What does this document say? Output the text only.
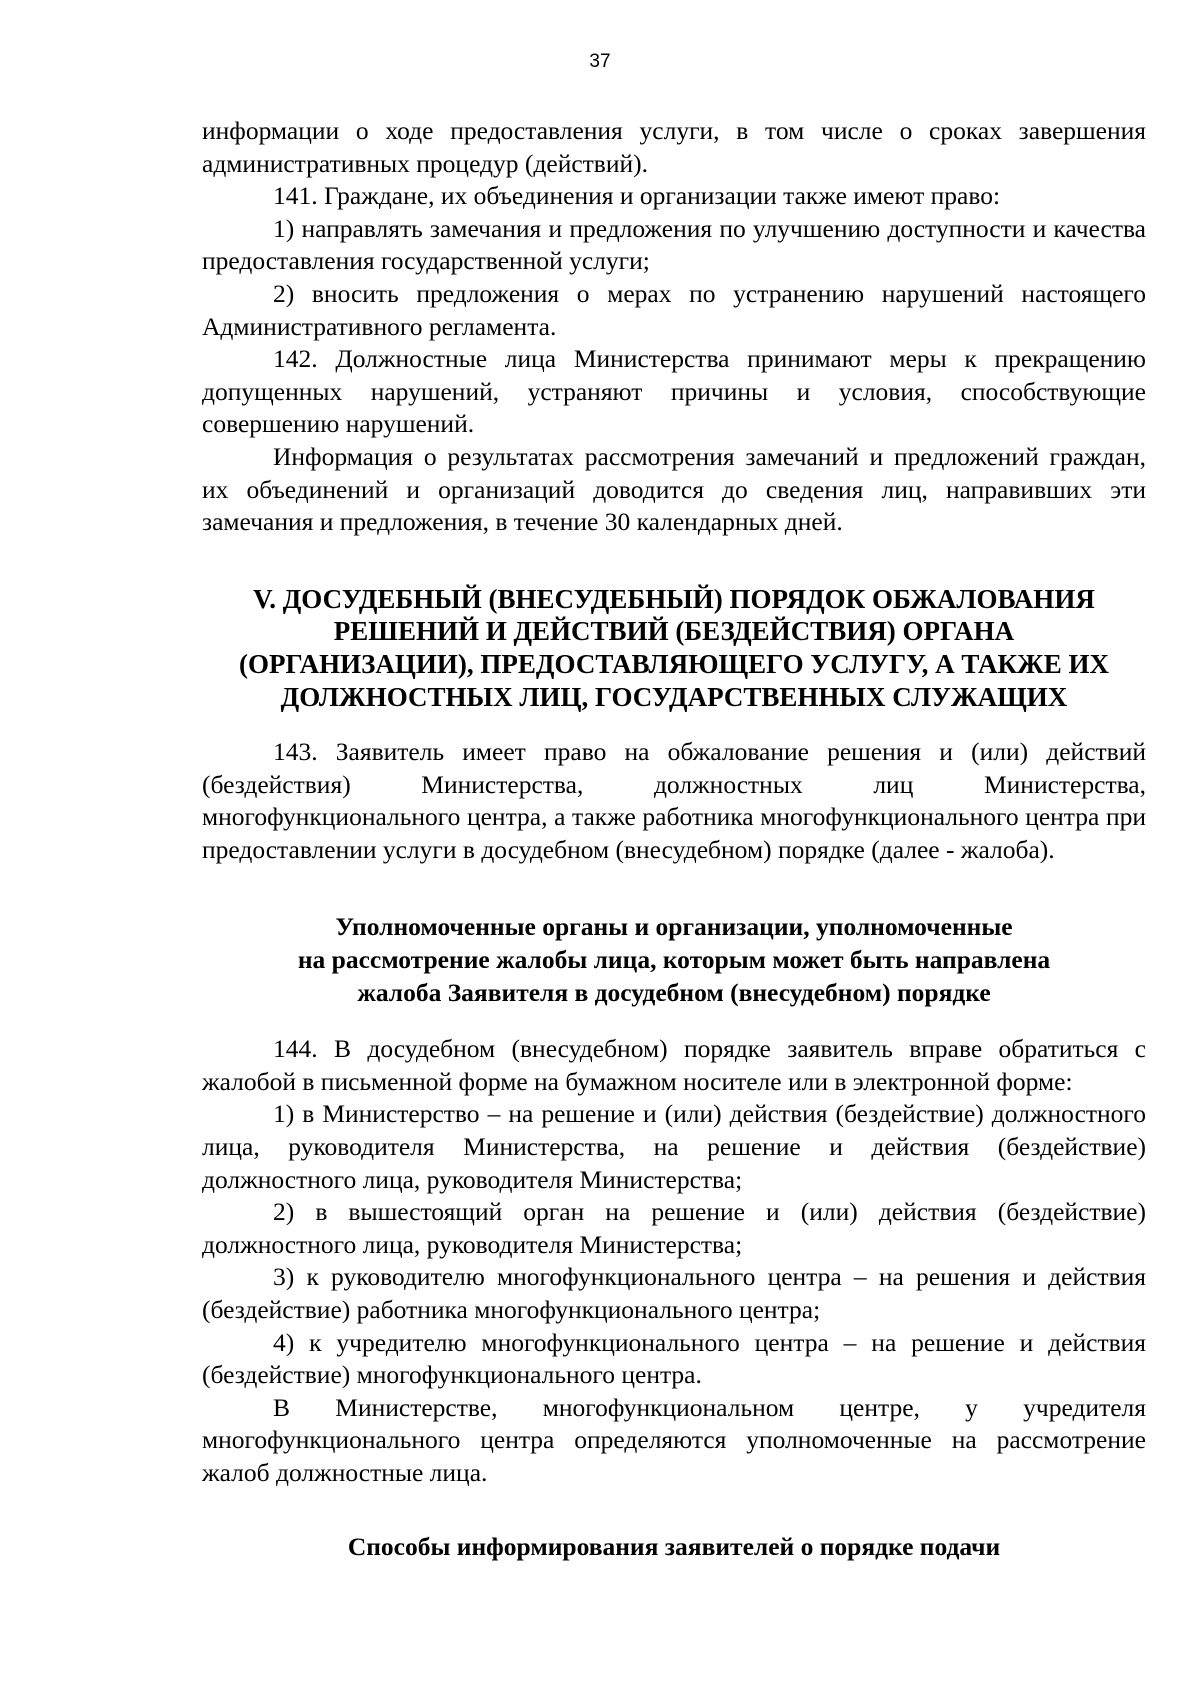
37

информации о ходе предоставления услуги, в том числе о сроках завершения административных процедур (действий).

141. Граждане, их объединения и организации также имеют право:

1) направлять замечания и предложения по улучшению доступности и качества предоставления государственной услуги;

2) вносить предложения о мерах по устранению нарушений настоящего Административного регламента.

142. Должностные лица Министерства принимают меры к прекращению допущенных нарушений, устраняют причины и условия, способствующие совершению нарушений.

Информация о результатах рассмотрения замечаний и предложений граждан, их объединений и организаций доводится до сведения лиц, направивших эти замечания и предложения, в течение 30 календарных дней.

V. ДОСУДЕБНЫЙ (ВНЕСУДЕБНЫЙ) ПОРЯДОК ОБЖАЛОВАНИЯ
РЕШЕНИЙ И ДЕЙСТВИЙ (БЕЗДЕЙСТВИЯ) ОРГАНА
(ОРГАНИЗАЦИИ), ПРЕДОСТАВЛЯЮЩЕГО УСЛУГУ, А ТАКЖЕ ИХ
ДОЛЖНОСТНЫХ ЛИЦ, ГОСУДАРСТВЕННЫХ СЛУЖАЩИХ

143. Заявитель имеет право на обжалование решения и (или) действий (бездействия) Министерства, должностных лиц Министерства, многофункционального центра, а также работника многофункционального центра при предоставлении услуги в досудебном (внесудебном) порядке (далее - жалоба).

Уполномоченные органы и организации, уполномоченные
на рассмотрение жалобы лица, которым может быть направлена
жалоба Заявителя в досудебном (внесудебном) порядке

144. В досудебном (внесудебном) порядке заявитель вправе обратиться с жалобой в письменной форме на бумажном носителе или в электронной форме:

1) в Министерство – на решение и (или) действия (бездействие) должностного лица, руководителя Министерства, на решение и действия (бездействие) должностного лица, руководителя Министерства;

2) в вышестоящий орган на решение и (или) действия (бездействие) должностного лица, руководителя Министерства;

3) к руководителю многофункционального центра – на решения и действия (бездействие) работника многофункционального центра;

4) к учредителю многофункционального центра – на решение и действия (бездействие) многофункционального центра.

В Министерстве, многофункциональном центре, у учредителя многофункционального центра определяются уполномоченные на рассмотрение жалоб должностные лица.

Способы информирования заявителей о порядке подачи
